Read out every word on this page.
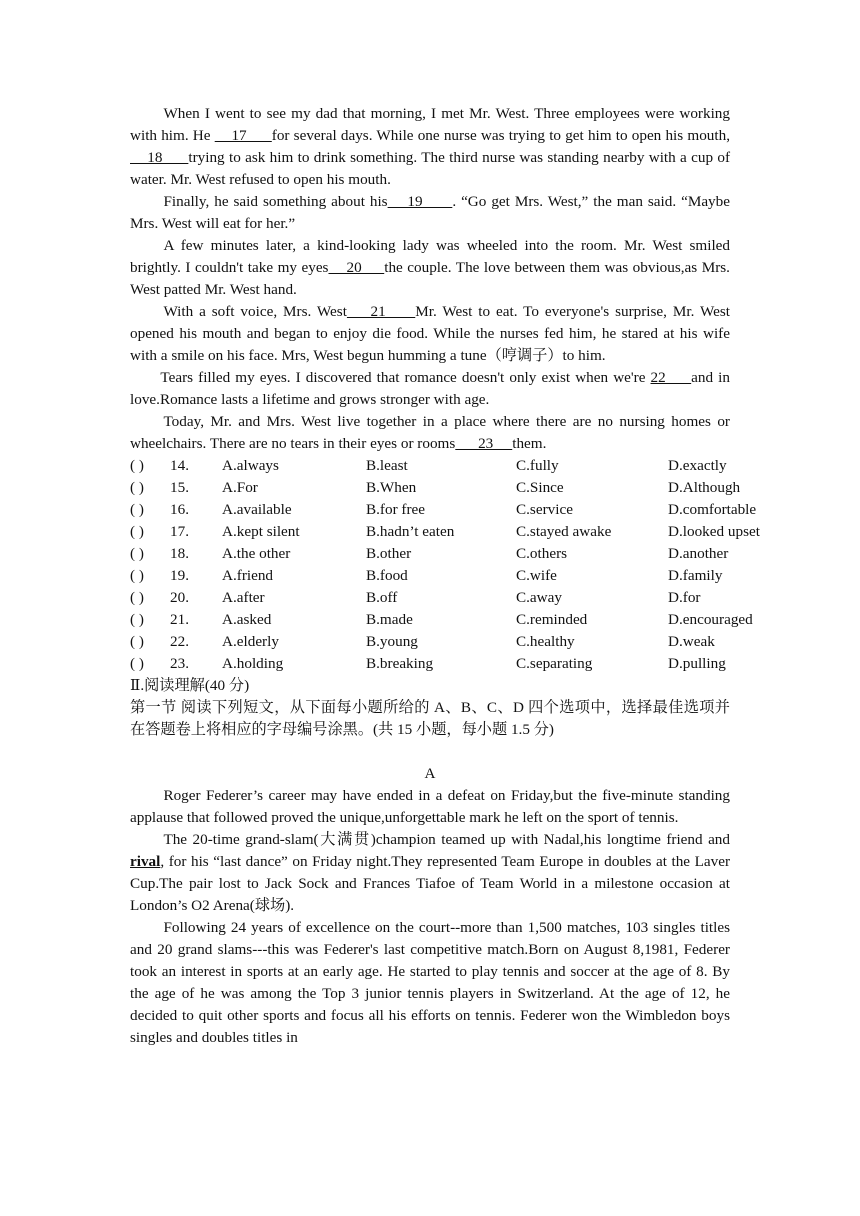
When I went to see my dad that morning, I met Mr. West. Three employees were working with him. He     17      for several days. While one nurse was trying to get him to open his mouth,    18      trying to ask him to drink something. The third nurse was standing nearby with a cup of water. Mr. West refused to open his mouth.

Finally, he said something about his    19      . “Go get Mrs. West,” the man said. “Maybe Mrs. West will eat for her.”

A few minutes later, a kind-looking lady was wheeled into the room. Mr. West smiled brightly. I couldn't take my eyes    20     the couple. The love between them was obvious,as Mrs. West patted Mr. West hand.

With a soft voice, Mrs. West    21     Mr. West to eat. To everyone's surprise, Mr. West opened his mouth and began to enjoy die food. While the nurses fed him, he stared at his wife with a smile on his face. Mrs, West begun humming a tune（哼调子）to him.

Tears filled my eyes. I discovered that romance doesn't only exist when we're 22     and in love.Romance lasts a lifetime and grows stronger with age.

Today, Mr. and Mrs. West live together in a place where there are no nursing homes or wheelchairs. There are no tears in their eyes or rooms      23     them.

( )	14.	A.always	B.least	C.fully	D.exactly
( )	15.	A.For	B.When	C.Since	D.Although
( )	16.	A.available	B.for free	C.service	D.comfortable
( )	17.	A.kept silent	B.hadn’t eaten	C.stayed awake	D.looked upset
( )	18.	A.the other	B.other	C.others	D.another
( )	19.	A.friend	B.food	C.wife	D.family
( )	20.	A.after	B.off	C.away	D.for
( )	21.	A.asked	B.made	C.reminded	D.encouraged
( )	22.	A.elderly	B.young	C.healthy	D.weak
( )	23.	A.holding	B.breaking	C.separating	D.pulling

Ⅱ.阅读理解(40 分)

第一节 阅读下列短文，从下面每小题所给的 A、B、C、D 四个选项中，选择最佳选项并在答题卷上将相应的字母编号涂黑。(共 15 小题，每小题 1.5 分)

A

Roger Federer’s career may have ended in a defeat on Friday,but the five-minute standing applause that followed proved the unique,unforgettable mark he left on the sport of tennis.

The 20-time grand-slam(大满贯)champion teamed up with Nadal,his longtime friend and rival, for his “last dance” on Friday night.They represented Team Europe in doubles at the Laver Cup.The pair lost to Jack Sock and Frances Tiafoe of Team World in a milestone occasion at London’s O2 Arena(球场).

Following 24 years of excellence on the court--more than 1,500 matches, 103 singles titles and 20 grand slams---this was Federer's last competitive match.Born on August 8,1981, Federer took an interest in sports at an early age. He started to play tennis and soccer at the age of 8. By the age of he was among the Top 3 junior tennis players in Switzerland. At the age of 12, he decided to quit other sports and focus all his efforts on tennis. Federer won the Wimbledon boys singles and doubles titles in
